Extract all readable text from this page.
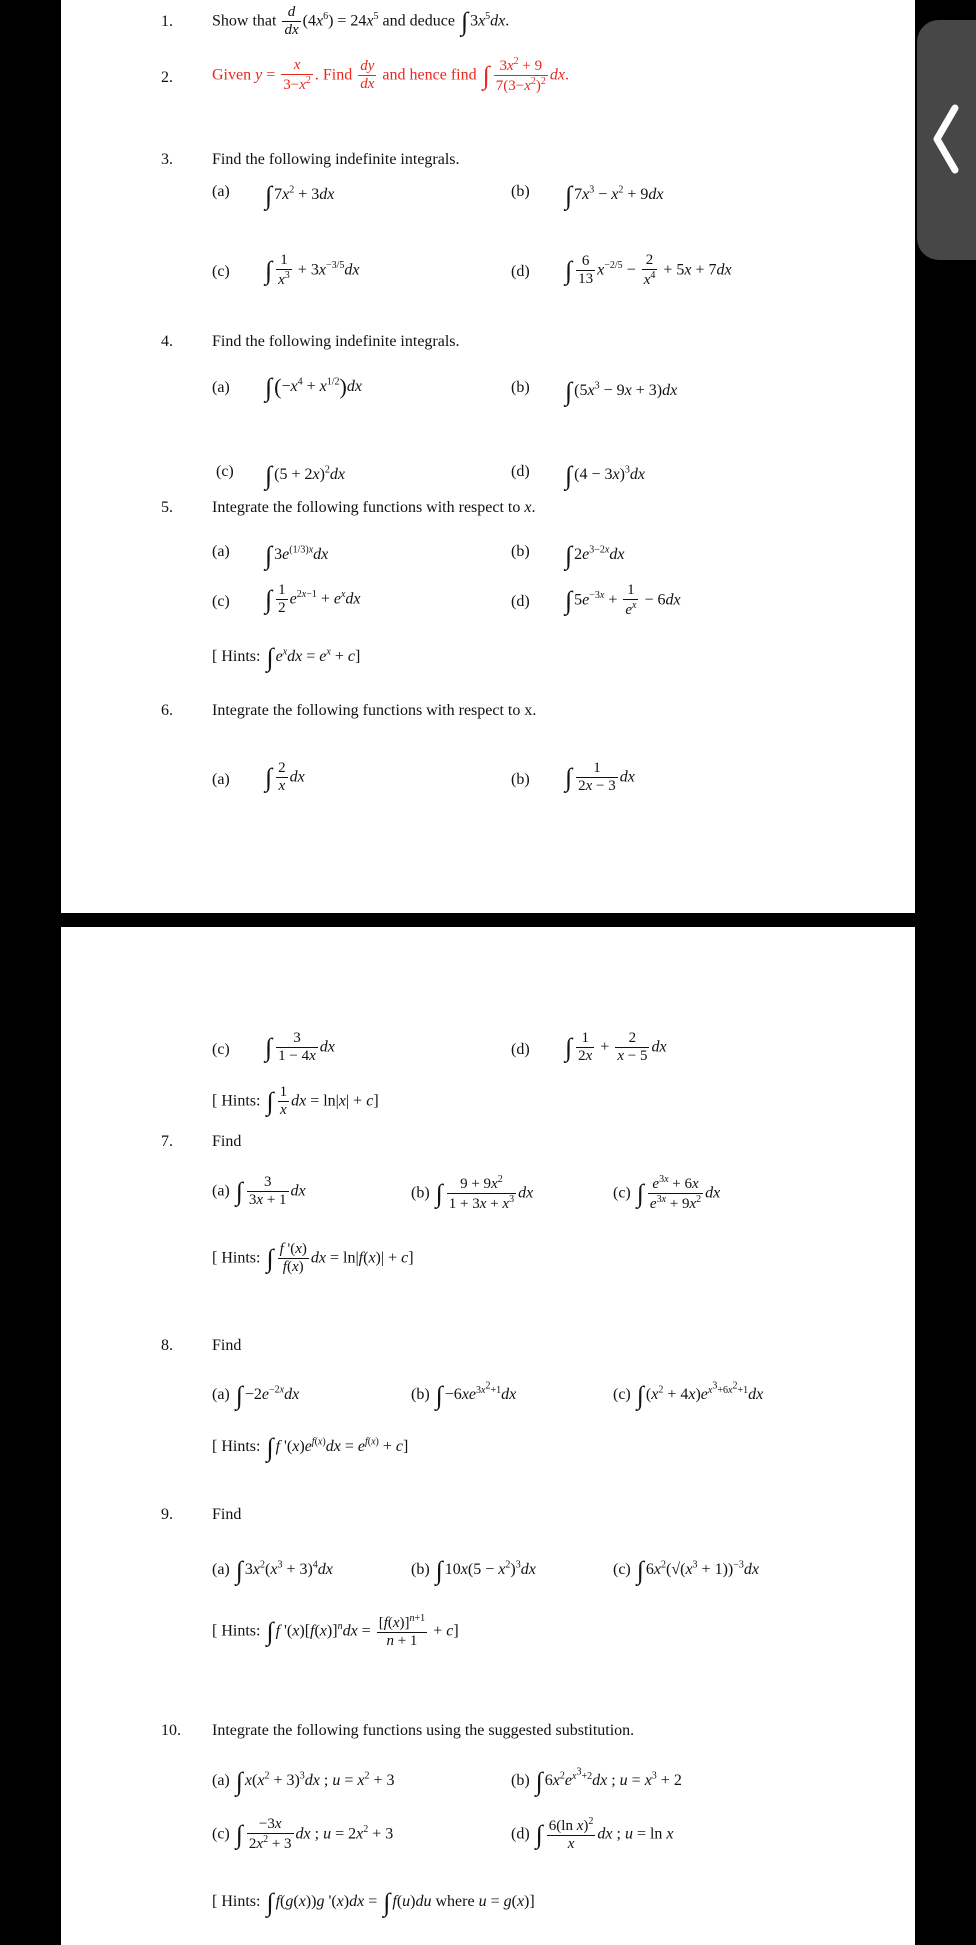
1. Show that $\frac{d}{dx} (4x^6) = 24x^5$ and deduce ∫ $3x^5dx$.
2. Given $y = \frac{x}{3-x^2}$ . Find $\frac{dy}{dx}$ and hence find ∫ $\frac{3x^2 + 9}{7(3-x^2)^2}$ dx.
3. Find the following indefinite integrals.
(a) ∫ $7x^2 + 3dx$	(b) ∫ $7x^3 - x^2 + 9dx$
(c) ∫ $\frac{1}{x^3} + 3x^{-3/5}dx$	(d) ∫ $\frac{6}{13} x^{-2/5} - \frac{2}{x^4} + 5x + 7dx$
4. Find the following indefinite integrals.
(a) $\int(-x^4 + x^{1/2})dx$	(b) ∫ $(5x^3 - 9x + 3)dx$
(c) ∫ $(5 + 2x)^2dx$	(d) ∫ $(4 - 3x)^3dx$
5. Integrate the following functions with respect to x.
(a) ∫ $3e^{(1/3)x}dx$	(b) ∫ $2e^{3-2x}dx$
(c) ∫ $\frac{1}{2} e^{2x-1} + e^xdx$	(d) ∫ $5e^{-3x} + \frac{1}{e^x} - 6dx$
[ Hints: ∫ $e^xdx = e^x + c$]
6. Integrate the following functions with respect to x.
(a) ∫ $\frac{2}{x}$ dx	(b) ∫ $\frac{1}{2x - 3}$ dx
(c) ∫ $\frac{3}{1 - 4x}$ dx	(d) ∫ $\frac{1}{2x} + \frac{2}{x - 5}$ dx
[ Hints: ∫ $\frac{1}{x}$ dx = ln|x| + c]
7. Find
(a) ∫ $\frac{3}{3x + 1}$ dx	(b) ∫ $\frac{9 + 9x^2}{1 + 3x + x^3}$ dx	(c) ∫ $\frac{e^{3x} + 6x}{e^{3x} + 9x^2}$ dx
[ Hints: ∫ $\frac{f '(x)}{f(x)}$ dx = ln|f(x)| + c]
8. Find
(a) ∫ $-2e^{-2x}dx$	(b) ∫ $-6xe^{3x^2+1}dx$	(c) ∫ $(x^2 + 4x)e^{x^3+6x^2+1}dx$
[ Hints: ∫ f '$(x)e^{f(x)}dx = e^{f(x)} + c$]
9. Find
(a) ∫ $3x^2(x^3 + 3)^4dx$	(b) ∫ $10x(5 - x^2)^3dx$	(c) ∫ $6x^2(√(x^3 + 1))^{-3}dx$
[ Hints: ∫ f '$(x)[f(x)]^ndx = \frac{[f(x)]^{n+1}}{n + 1} + c$]
10. Integrate the following functions using the suggested substitution.
(a) ∫ $x(x^2 + 3)^3dx$ ; $u = x^2 + 3$	(b) ∫ $6x^2e^{x^3+2}dx$ ; $u = x^3 + 2$
(c) ∫ $\frac{-3x}{2x^2 + 3}$ dx ; $u = 2x^2 + 3$	(d) ∫ $\frac{6(\ln x)^2}{x}$ dx ; u = ln x
[ Hints: ∫ f(g(x))g '(x)dx = ∫ f(u)du where u = g(x)]
